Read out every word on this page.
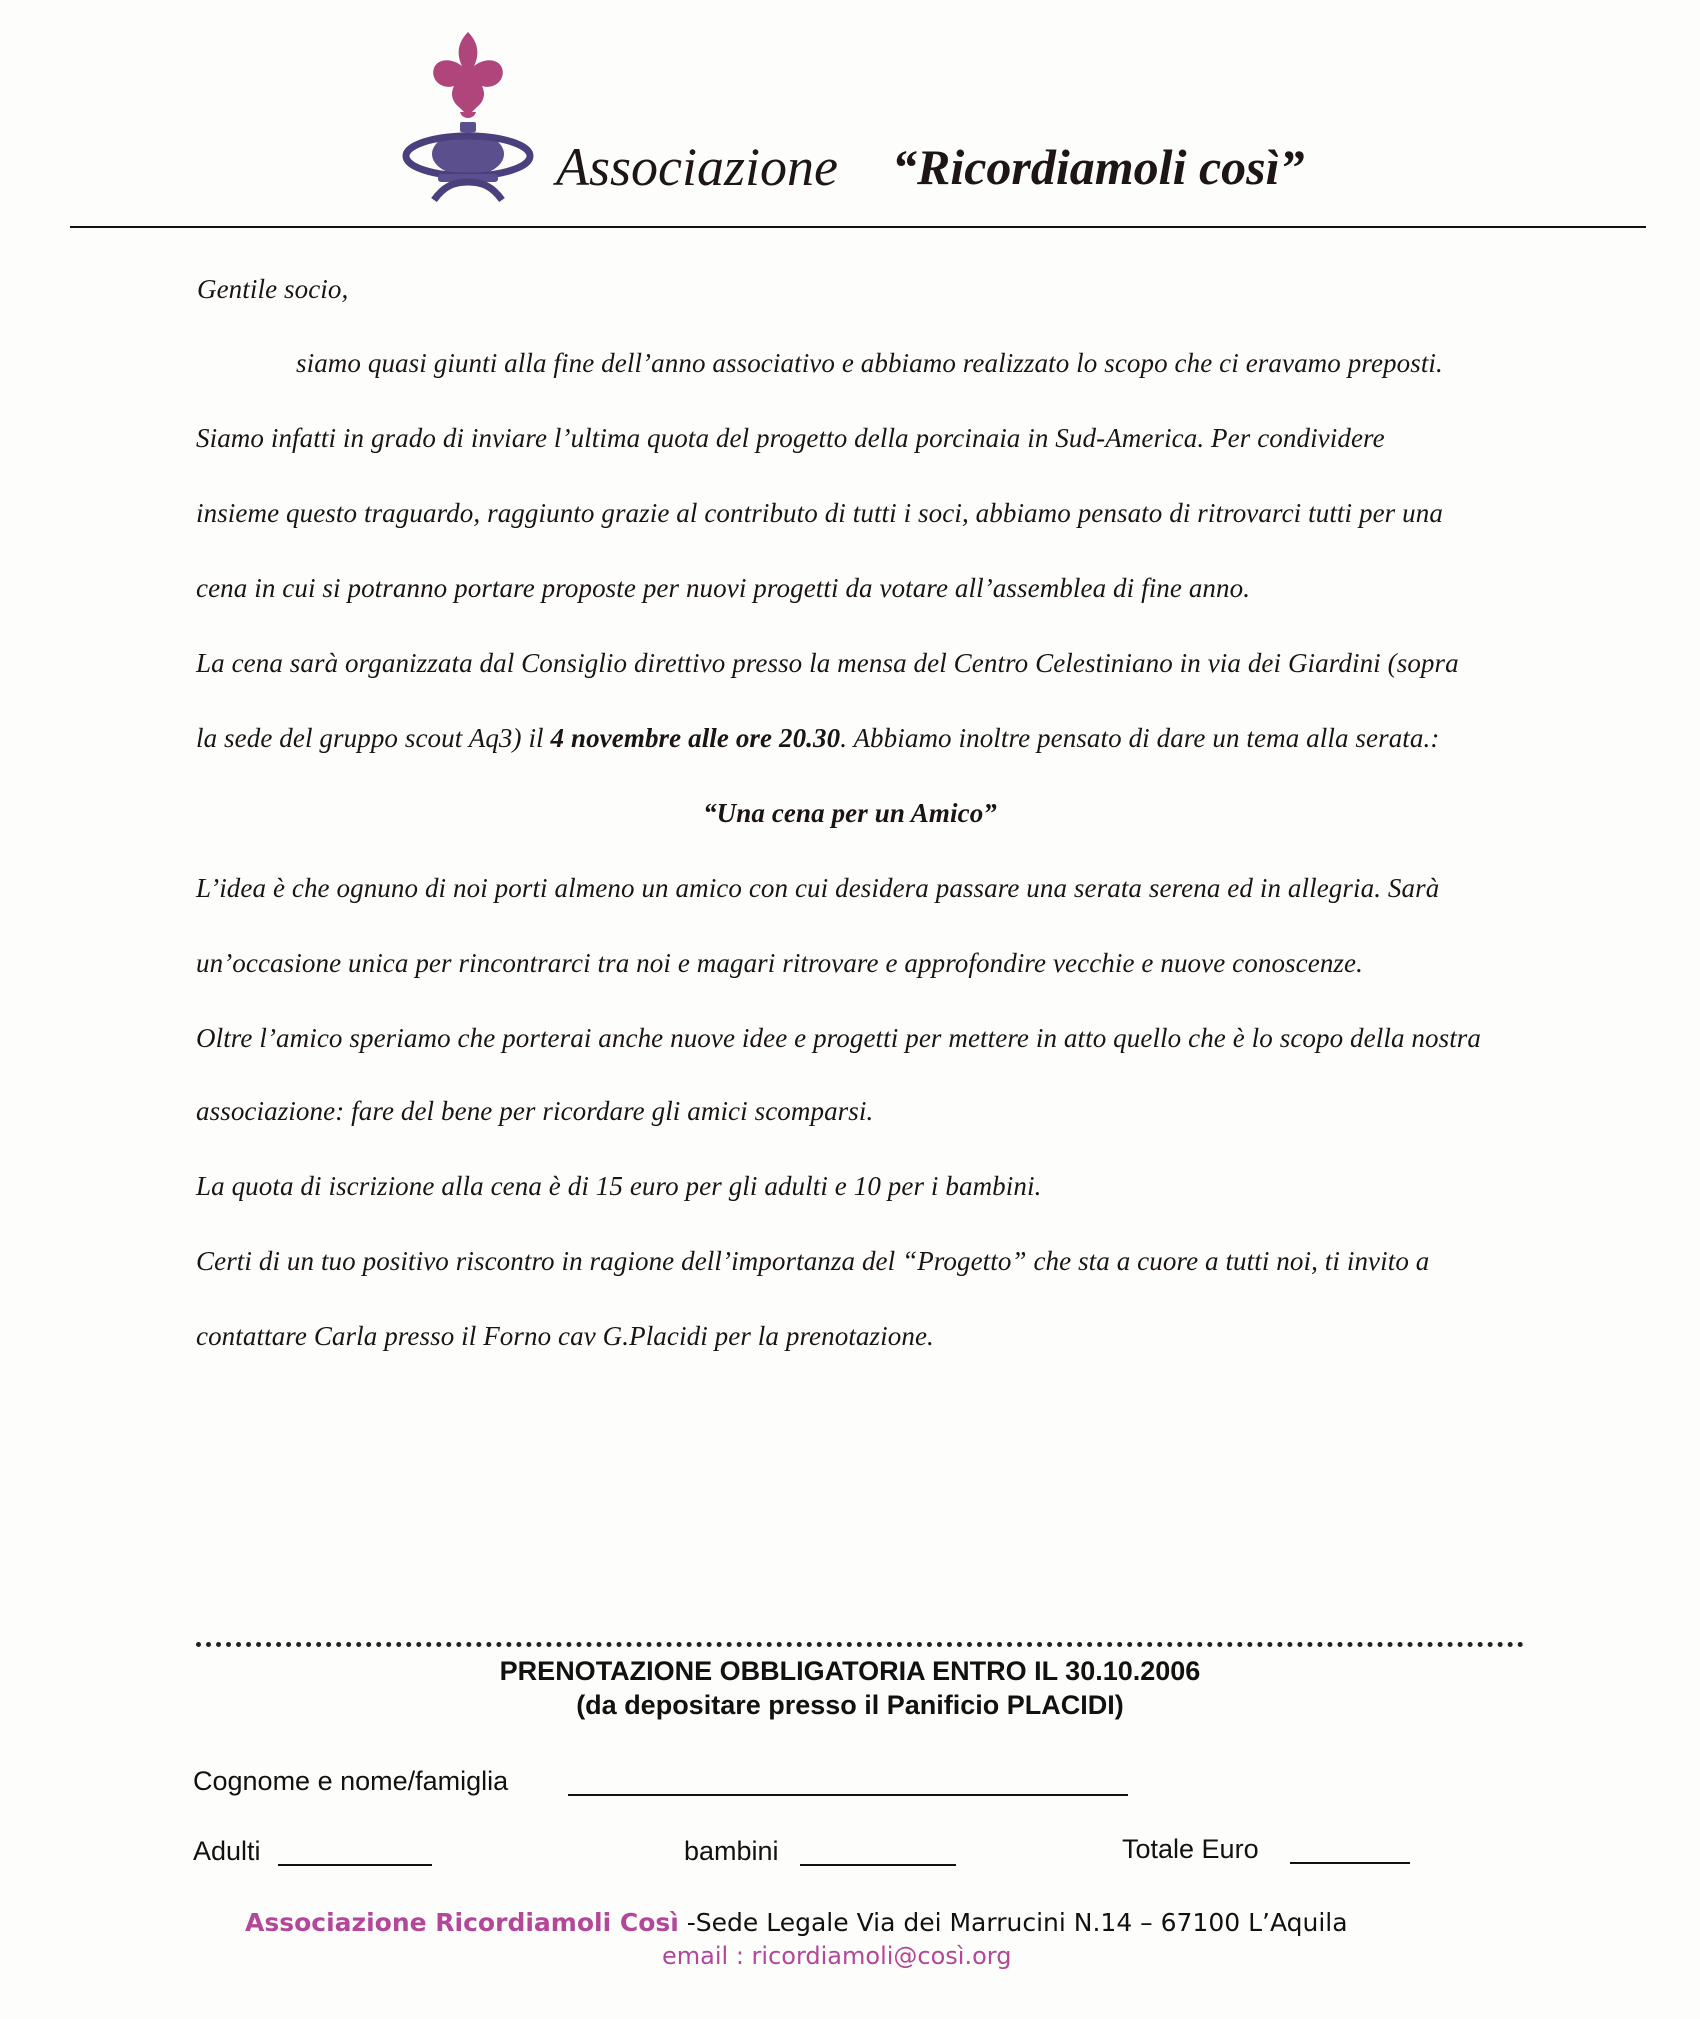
Associazione “Ricordiamoli così”
Gentile socio,
siamo quasi giunti alla fine dell’anno associativo e abbiamo realizzato lo scopo che ci eravamo preposti.
Siamo infatti in grado di inviare l’ultima quota del progetto della porcinaia in Sud-America. Per condividere
insieme questo traguardo, raggiunto grazie al contributo di tutti i soci, abbiamo pensato di ritrovarci tutti per una
cena in cui si potranno portare proposte per nuovi progetti da votare all’assemblea di fine anno.
La cena sarà organizzata dal Consiglio direttivo presso la mensa del Centro Celestiniano in via dei Giardini (sopra
la sede del gruppo scout Aq3) il 4 novembre alle ore 20.30. Abbiamo inoltre pensato di dare un tema alla serata.:
“Una cena per un Amico”
L’idea è che ognuno di noi porti almeno un amico con cui desidera passare una serata serena ed in allegria. Sarà
un’occasione unica per rincontrarci tra noi e magari ritrovare e approfondire vecchie e nuove conoscenze.
Oltre l’amico speriamo che porterai anche nuove idee e progetti per mettere in atto quello che è lo scopo della nostra
associazione: fare del bene per ricordare gli amici scomparsi.
La quota di iscrizione alla cena è di 15 euro per gli adulti e 10 per i bambini.
Certi di un tuo positivo riscontro in ragione dell’importanza del “Progetto” che sta a cuore a tutti noi, ti invito a
contattare Carla presso il Forno cav G.Placidi per la prenotazione.
PRENOTAZIONE OBBLIGATORIA ENTRO IL 30.10.2006
(da depositare presso il Panificio PLACIDI)
Cognome e nome/famiglia
Adulti	bambini	Totale Euro
Associazione Ricordiamoli Così -Sede Legale Via dei Marrucini N.14 – 67100 L’Aquila
email : ricordiamoli@così.org
